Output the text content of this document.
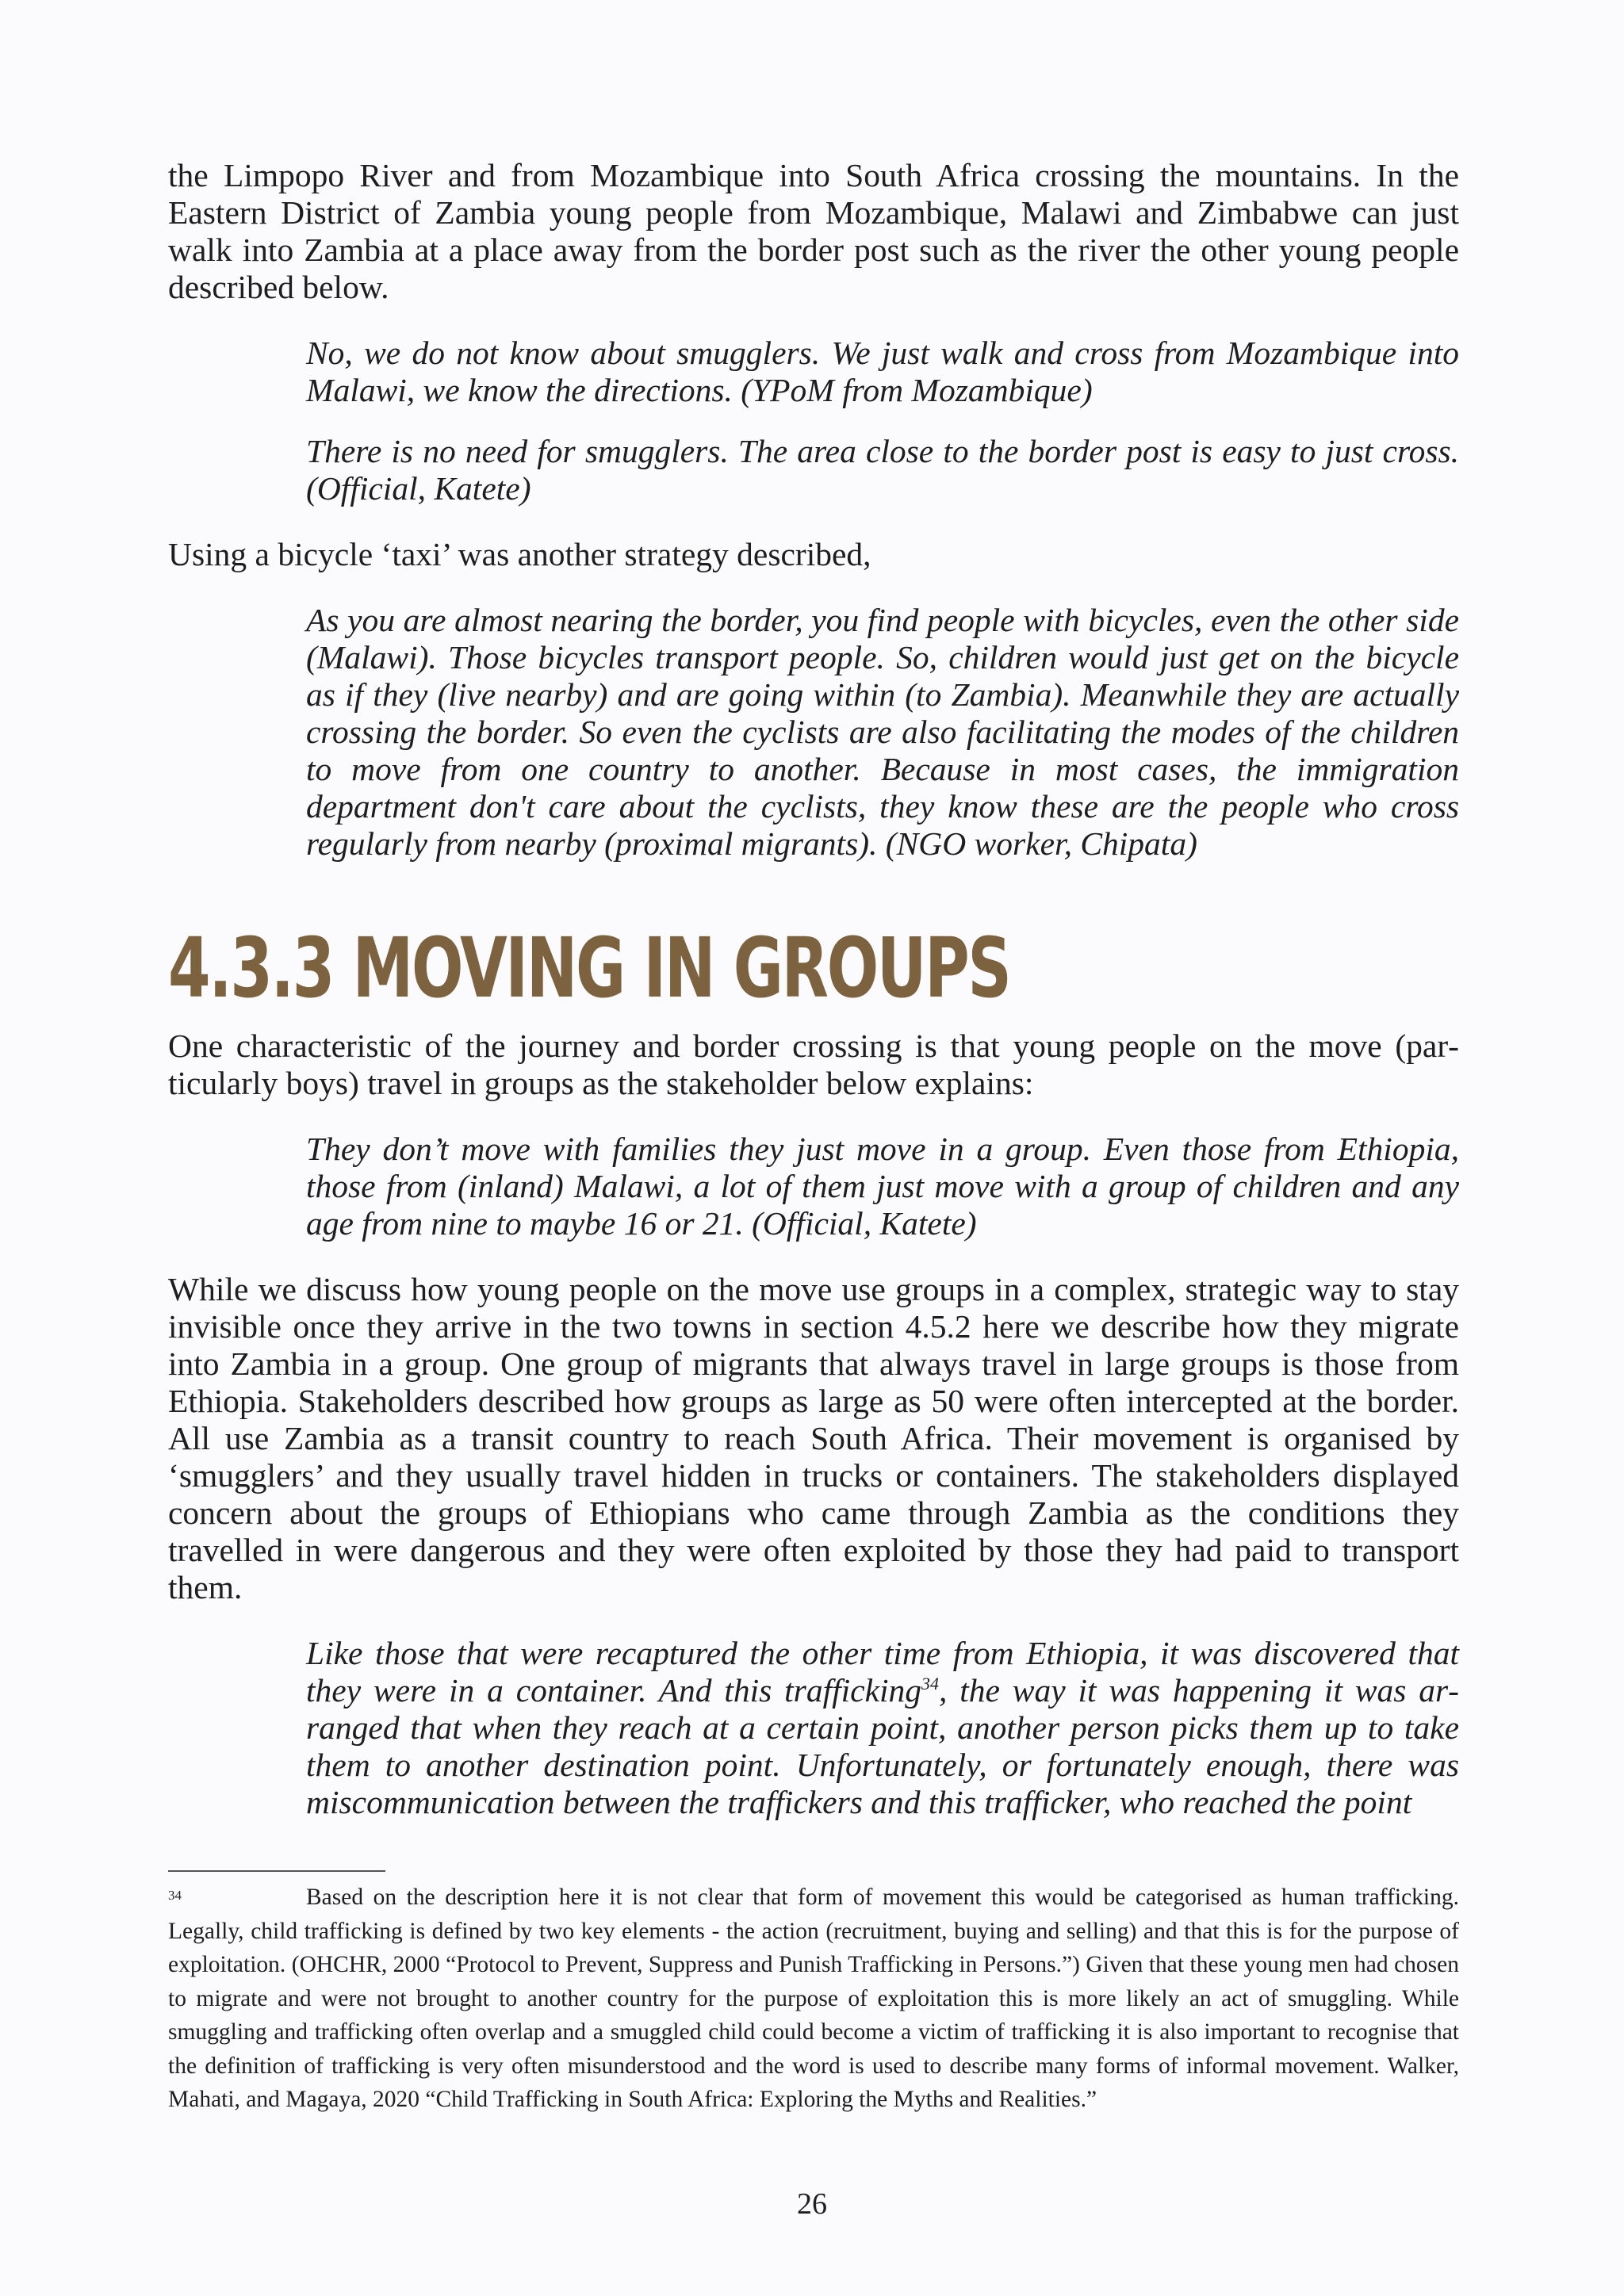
the Limpopo River and from Mozambique into South Africa crossing the mountains. In the Eastern District of Zambia young people from Mozambique, Malawi and Zimbabwe can just walk into Zambia at a place away from the border post such as the river the other young people described below.

No, we do not know about smugglers. We just walk and cross from Mozambique into Malawi, we know the directions. (YPoM from Mozambique)

There is no need for smugglers. The area close to the border post is easy to just cross. (Official, Katete)

Using a bicycle ‘taxi’ was another strategy described,

As you are almost nearing the border, you find people with bicycles, even the other side (Malawi). Those bicycles transport people. So, children would just get on the bicycle as if they (live nearby) and are going within (to Zambia). Meanwhile they are actually crossing the border. So even the cyclists are also facilitating the modes of the children to move from one country to another. Because in most cases, the immigration department don't care about the cyclists, they know these are the people who cross regularly from nearby (proximal migrants). (NGO worker, Chipata)

4.3.3 MOVING IN GROUPS

One characteristic of the journey and border crossing is that young people on the move (particularly boys) travel in groups as the stakeholder below explains:

They don’t move with families they just move in a group. Even those from Ethiopia, those from (inland) Malawi, a lot of them just move with a group of children and any age from nine to maybe 16 or 21. (Official, Katete)

While we discuss how young people on the move use groups in a complex, strategic way to stay invisible once they arrive in the two towns in section 4.5.2 here we describe how they migrate into Zambia in a group. One group of migrants that always travel in large groups is those from Ethiopia. Stakeholders described how groups as large as 50 were often intercepted at the border. All use Zambia as a transit country to reach South Africa. Their movement is organised by ‘smugglers’ and they usually travel hidden in trucks or containers. The stakeholders displayed concern about the groups of Ethiopians who came through Zambia as the conditions they travelled in were dangerous and they were often exploited by those they had paid to transport them.

Like those that were recaptured the other time from Ethiopia, it was discovered that they were in a container. And this trafficking$^{34}$, the way it was happening it was arranged that when they reach at a certain point, another person picks them up to take them to another destination point. Unfortunately, or fortunately enough, there was miscommunication between the traffickers and this trafficker, who reached the point

34	Based on the description here it is not clear that form of movement this would be categorised as human trafficking. Legally, child trafficking is defined by two key elements - the action (recruitment, buying and selling) and that this is for the purpose of exploitation. (OHCHR, 2000 “Protocol to Prevent, Suppress and Punish Trafficking in Persons.”) Given that these young men had chosen to migrate and were not brought to another country for the purpose of exploitation this is more likely an act of smuggling. While smuggling and trafficking often overlap and a smuggled child could become a victim of trafficking it is also important to recognise that the definition of trafficking is very often misunderstood and the word is used to describe many forms of informal movement. Walker, Mahati, and Magaya, 2020 “Child Trafficking in South Africa: Exploring the Myths and Realities.”
26
